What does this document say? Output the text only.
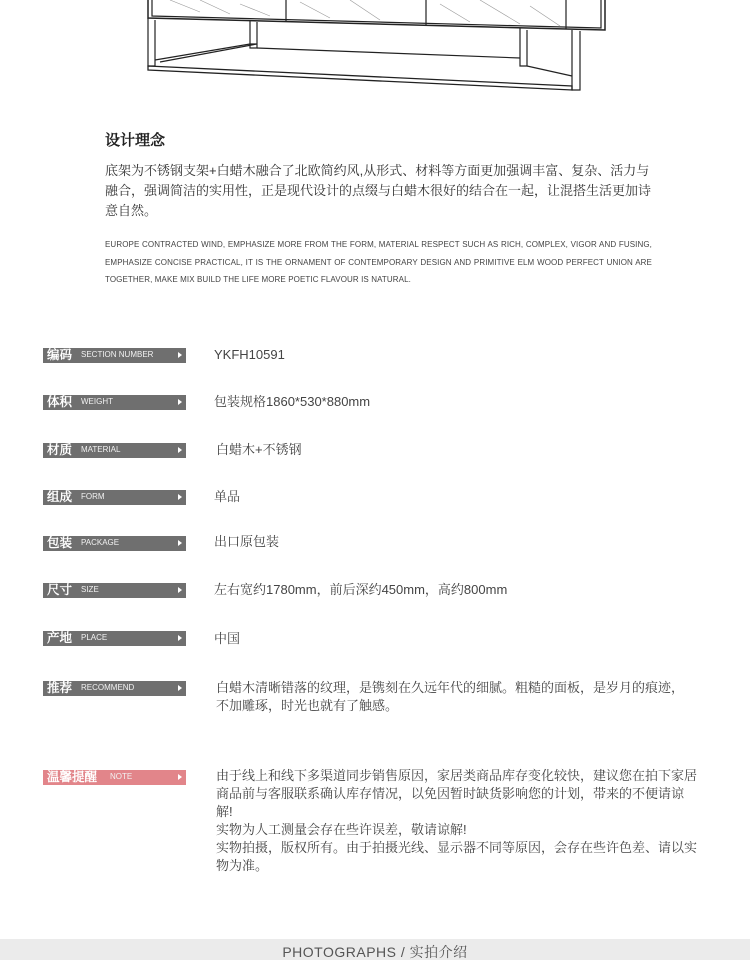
设计理念
底架为不锈钢支架+白蜡木融合了北欧简约风,从形式、材料等方面更加强调丰富、复杂、活力与融合，强调简洁的实用性，正是现代设计的点缀与白蜡木很好的结合在一起，让混搭生活更加诗意自然。
EUROPE CONTRACTED WIND, EMPHASIZE MORE FROM THE FORM, MATERIAL RESPECT SUCH AS RICH, COMPLEX, VIGOR AND FUSING, EMPHASIZE CONCISE PRACTICAL, IT IS THE ORNAMENT OF CONTEMPORARY DESIGN AND PRIMITIVE ELM WOOD PERFECT UNION ARE TOGETHER, MAKE MIX BUILD THE LIFE MORE POETIC FLAVOUR IS NATURAL.
编码 SECTION NUMBER	YKFH10591
体积 WEIGHT	包装规格1860*530*880mm
材质 MATERIAL	白蜡木+不锈钢
组成 FORM	单品
包装 PACKAGE	出口原包装
尺寸 SIZE	左右宽约1780mm，前后深约450mm，高约800mm
产地 PLACE	中国
推荐 RECOMMEND	白蜡木清晰错落的纹理，是镌刻在久远年代的细腻。粗糙的面板，是岁月的痕迹，不加雕琢，时光也就有了触感。
温馨提醒 NOTE	由于线上和线下多渠道同步销售原因，家居类商品库存变化较快，建议您在拍下家居商品前与客服联系确认库存情况，以免因暂时缺货影响您的计划，带来的不便请谅解!
实物为人工测量会存在些许误差，敬请谅解!
实物拍摄，版权所有。由于拍摄光线、显示器不同等原因，会存在些许色差、请以实物为准。
PHOTOGRAPHS / 实拍介绍
